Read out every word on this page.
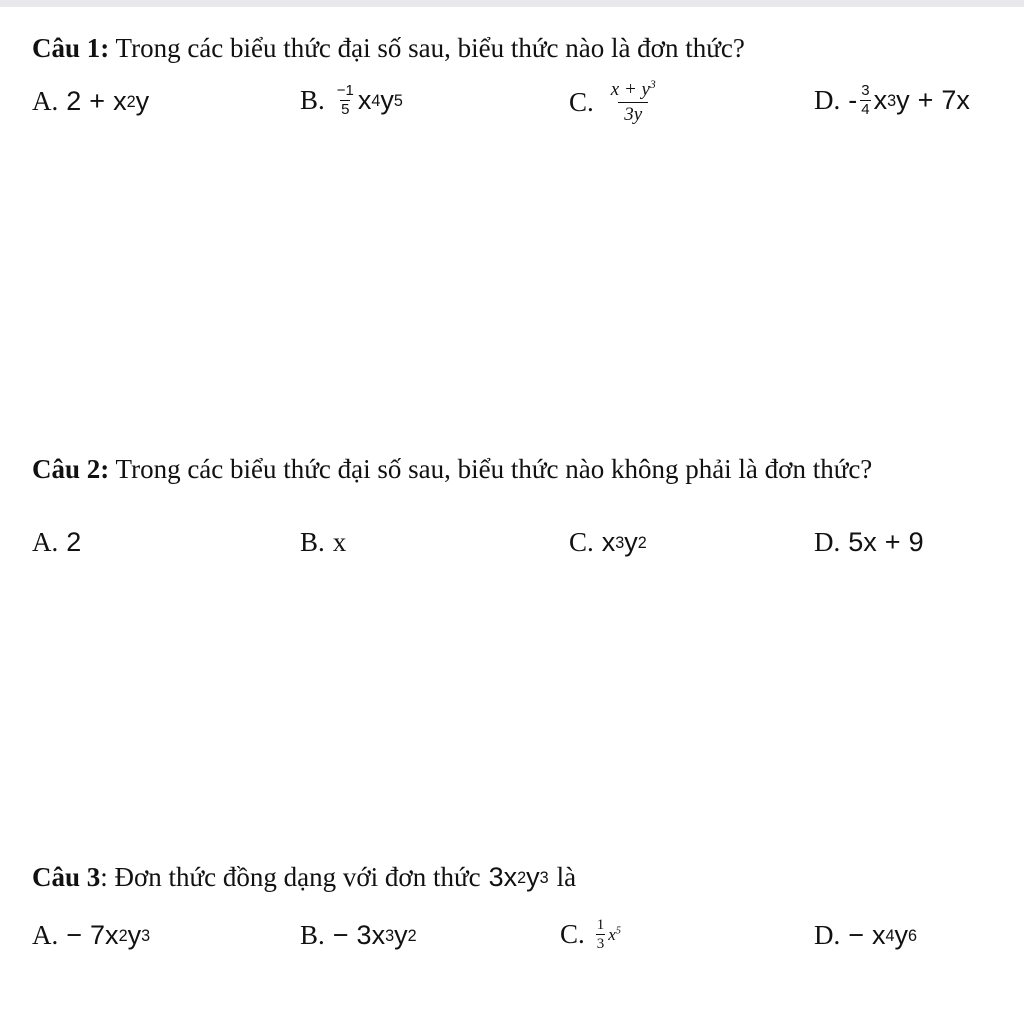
Câu 1: Trong các biểu thức đại số sau, biểu thức nào là đơn thức?
A. 2 + x 2 y	B. $\frac{-1}{5}$ x 4 y 5	C. $\frac{x + y^3}{3y}$	D. - $\frac{3}{4}$ x 3 y + 7x
Câu 2: Trong các biểu thức đại số sau, biểu thức nào không phải là đơn thức?
A. 2	B. x	C. x 3 y 2	D. 5x + 9
Câu 3 : Đơn thức đồng dạng với đơn thức 3x 2 y 3 là
A. − 7x 2 y 3	B. − 3x 3 y 2	C. $\frac{1}{3} x^5$	D. − x 4 y 6
